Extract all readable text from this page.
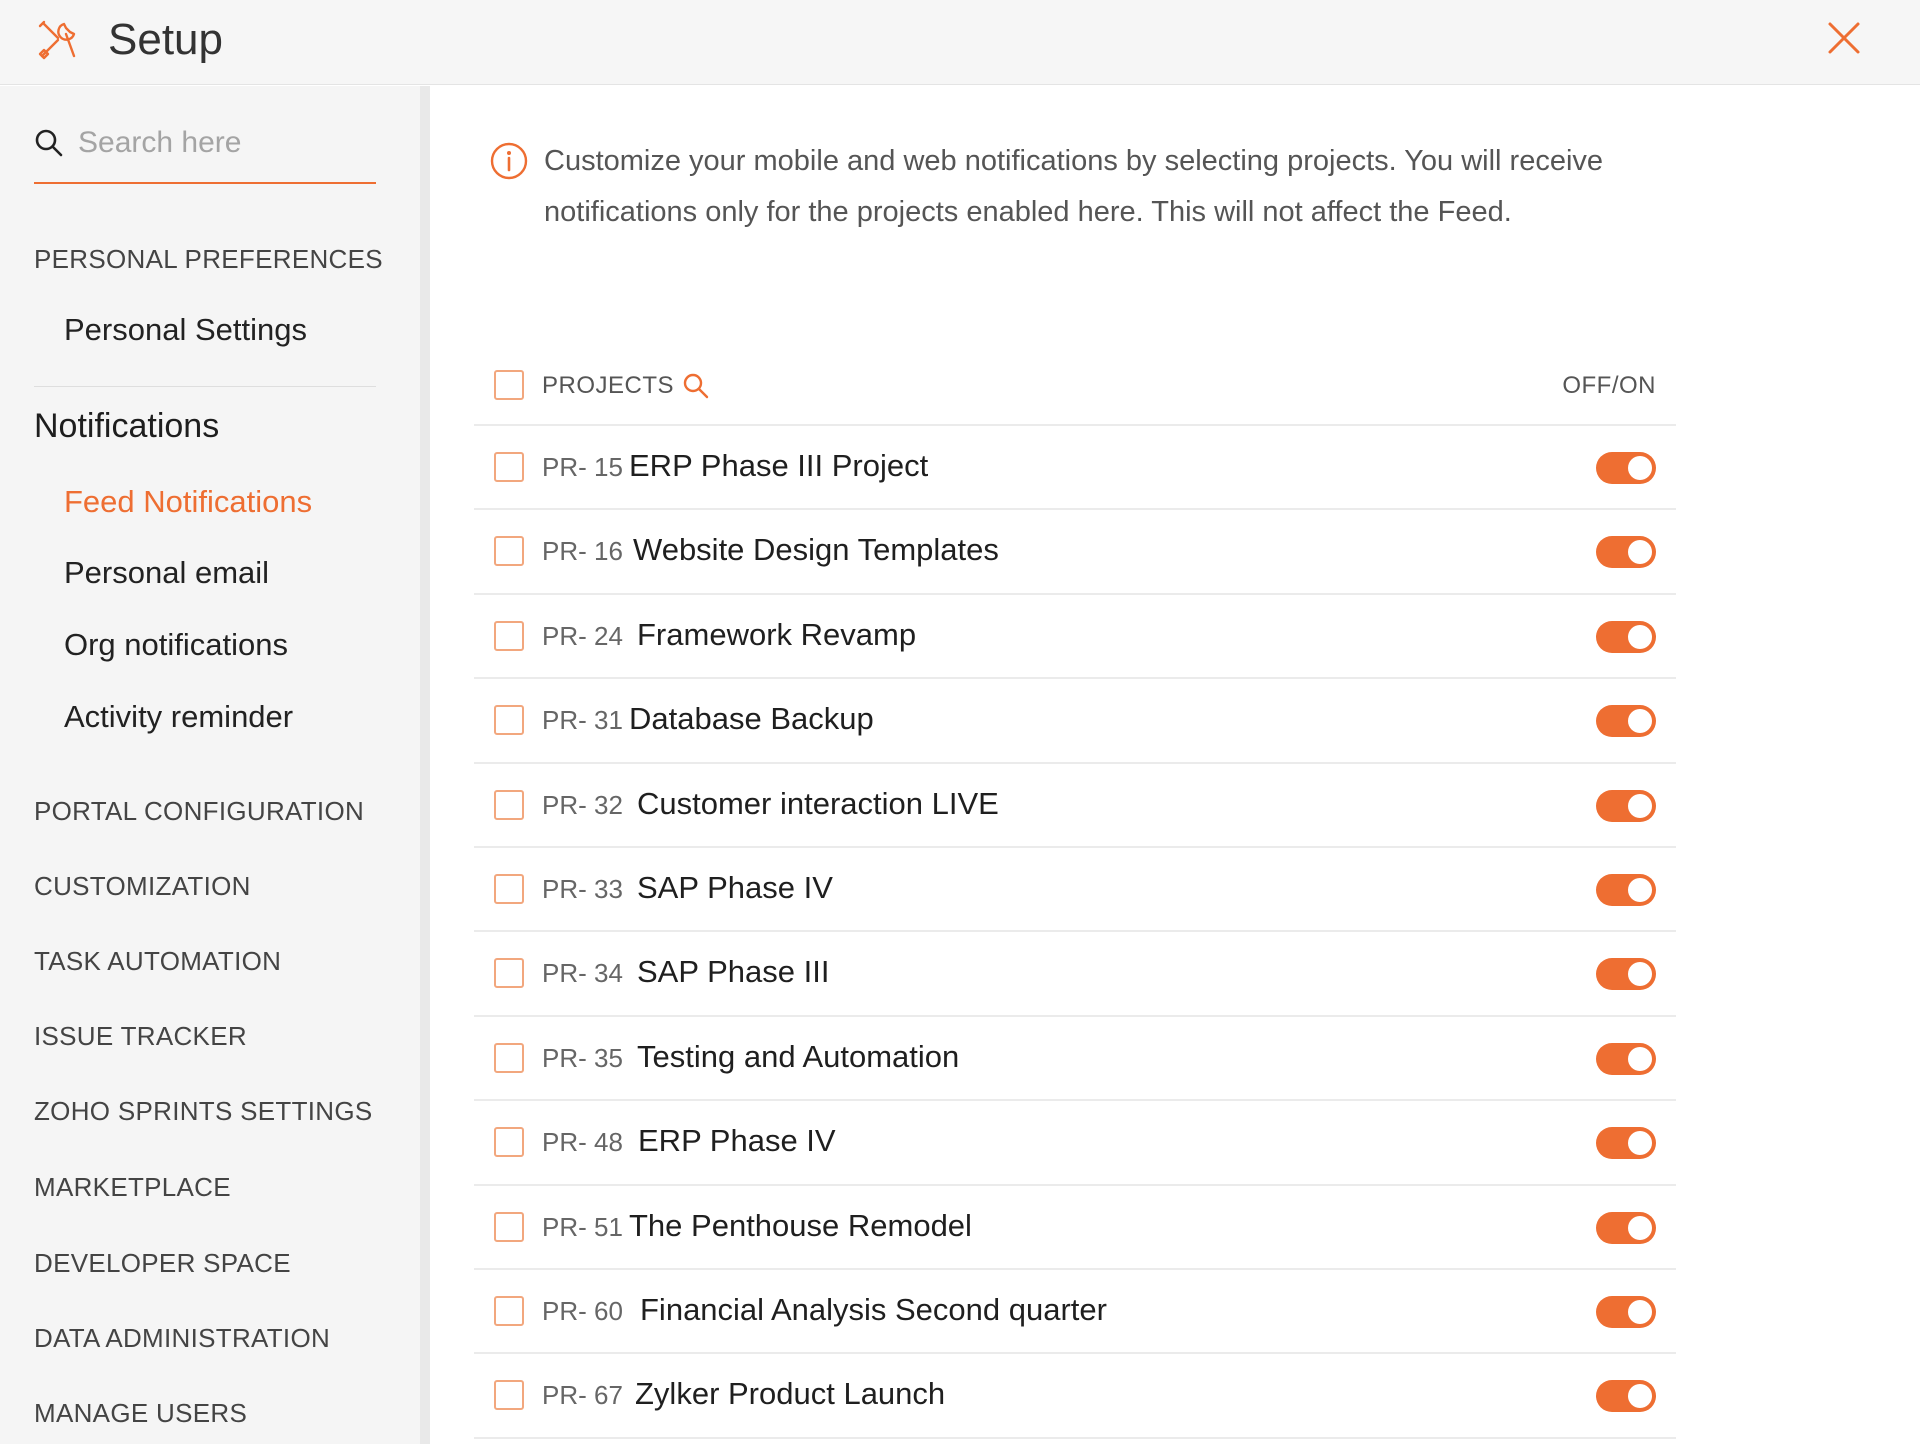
Setup
Search here
PERSONAL PREFERENCES
Personal Settings
Notifications
Feed Notifications
Personal email
Org notifications
Activity reminder
PORTAL CONFIGURATION
CUSTOMIZATION
TASK AUTOMATION
ISSUE TRACKER
ZOHO SPRINTS SETTINGS
MARKETPLACE
DEVELOPER SPACE
DATA ADMINISTRATION
MANAGE USERS
Customize your mobile and web notifications by selecting projects. You will receive notifications only for the projects enabled here. This will not affect the Feed.
PROJECTS	OFF/ON
PR- 15 ERP Phase III Project
PR- 16 Website Design Templates
PR- 24 Framework Revamp
PR- 31 Database Backup
PR- 32 Customer interaction LIVE
PR- 33 SAP Phase IV
PR- 34 SAP Phase III
PR- 35 Testing and Automation
PR- 48 ERP Phase IV
PR- 51 The Penthouse Remodel
PR- 60 Financial Analysis Second quarter
PR- 67 Zylker Product Launch
